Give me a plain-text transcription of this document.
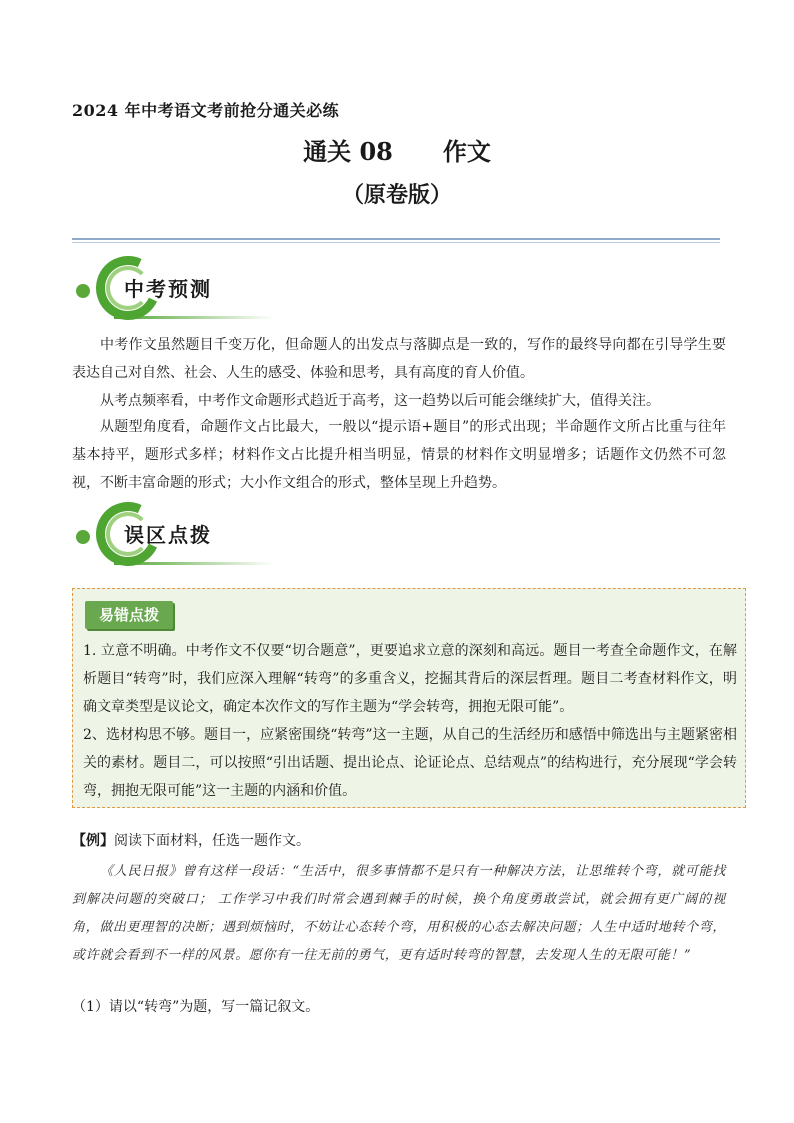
2024 年中考语文考前抢分通关必练
通关 08 作文
（原卷版）
中考预测
中考作文虽然题目千变万化，但命题人的出发点与落脚点是一致的，写作的最终导向都在引导学生要表达自己对自然、社会、人生的感受、体验和思考，具有高度的育人价值。
从考点频率看，中考作文命题形式趋近于高考，这一趋势以后可能会继续扩大，值得关注。
从题型角度看，命题作文占比最大，一般以“提示语+题目”的形式出现；半命题作文所占比重与往年基本持平，题形式多样；材料作文占比提升相当明显，情景的材料作文明显增多；话题作文仍然不可忽视，不断丰富命题的形式；大小作文组合的形式，整体呈现上升趋势。
误区点拨
易错点拨
1. 立意不明确。中考作文不仅要“切合题意”，更要追求立意的深刻和高远。题目一考查全命题作文，在解析题目“转弯”时，我们应深入理解“转弯”的多重含义，挖掘其背后的深层哲理。题目二考查材料作文，明确文章类型是议论文，确定本次作文的写作主题为“学会转弯，拥抱无限可能”。
2、选材构思不够。题目一，应紧密围绕“转弯”这一主题，从自己的生活经历和感悟中筛选出与主题紧密相关的素材。题目二，可以按照“引出话题、提出论点、论证论点、总结观点”的结构进行，充分展现“学会转弯，拥抱无限可能”这一主题的内涵和价值。
【例】阅读下面材料，任选一题作文。
《人民日报》曾有这样一段话：“生活中，很多事情都不是只有一种解决方法，让思维转个弯，就可能找到解决问题的突破口； 工作学习中我们时常会遇到棘手的时候，换个角度勇敢尝试，就会拥有更广阔的视角，做出更理智的决断；遇到烦恼时，不妨让心态转个弯，用积极的心态去解决问题；人生中适时地转个弯，或许就会看到不一样的风景。愿你有一往无前的勇气，更有适时转弯的智慧，去发现人生的无限可能！”
（1）请以“转弯”为题，写一篇记叙文。
